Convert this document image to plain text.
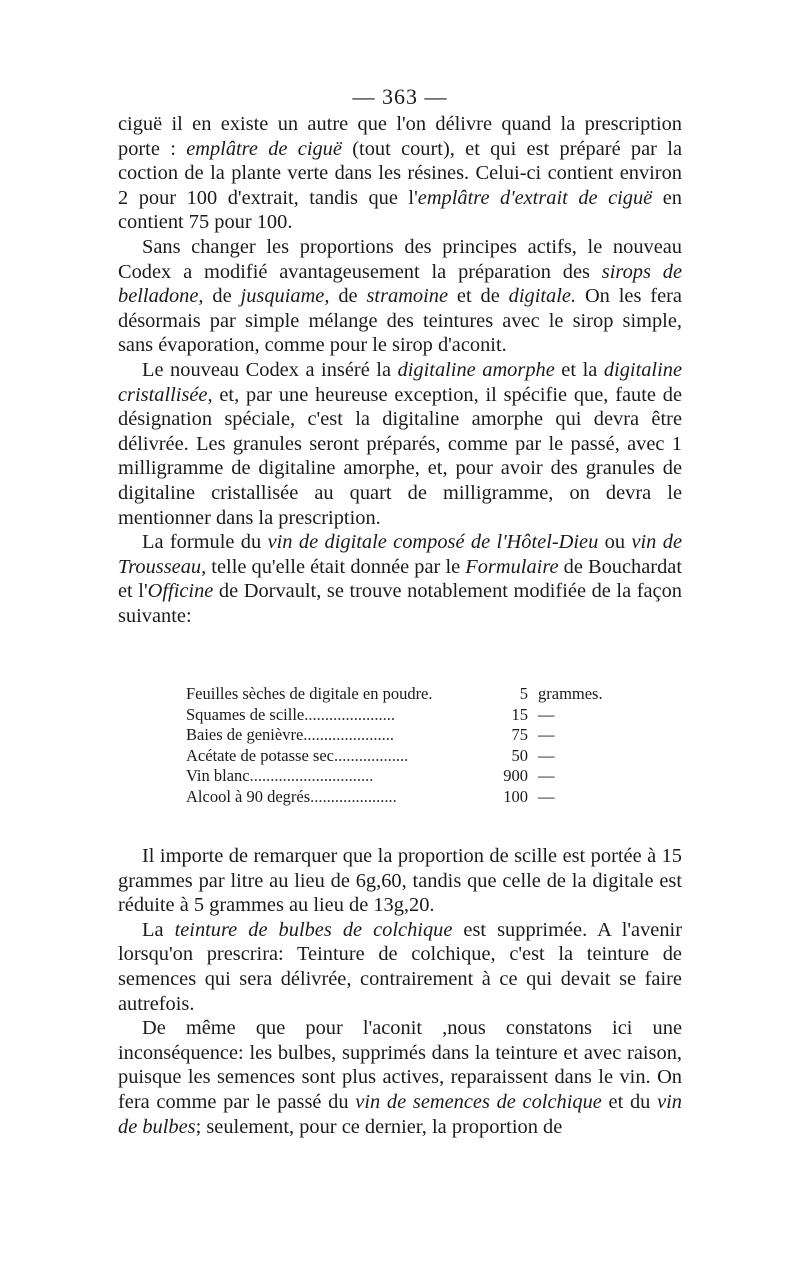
— 363 —

ciguë il en existe un autre que l'on délivre quand la prescription porte : emplâtre de ciguë (tout court), et qui est préparé par la coction de la plante verte dans les résines. Celui-ci contient environ 2 pour 100 d'extrait, tandis que l'emplâtre d'extrait de ciguë en contient 75 pour 100.

Sans changer les proportions des principes actifs, le nouveau Codex a modifié avantageusement la préparation des sirops de belladone, de jusquiame, de stramoine et de digitale. On les fera désormais par simple mélange des teintures avec le sirop simple, sans évaporation, comme pour le sirop d'aconit.

Le nouveau Codex a inséré la digitaline amorphe et la digitaline cristallisée, et, par une heureuse exception, il spécifie que, faute de désignation spéciale, c'est la digitaline amorphe qui devra être délivrée. Les granules seront préparés, comme par le passé, avec 1 milligramme de digitaline amorphe, et, pour avoir des granules de digitaline cristallisée au quart de milligramme, on devra le mentionner dans la prescription.

La formule du vin de digitale composé de l'Hôtel-Dieu ou vin de Trousseau, telle qu'elle était donnée par le Formulaire de Bouchardat et l'Officine de Dorvault, se trouve notablement modifiée de la façon suivante:

Feuilles sèches de digitale en poudre.	5 grammes.
Squames de scille......................	15 —
Baies de genièvre......................	75 —
Acétate de potasse sec..................	50 —
Vin blanc..............................	900 —
Alcool à 90 degrés.....................	100 —

Il importe de remarquer que la proportion de scille est portée à 15 grammes par litre au lieu de 6g,60, tandis que celle de la digitale est réduite à 5 grammes au lieu de 13g,20.

La teinture de bulbes de colchique est supprimée. A l'avenir lorsqu'on prescrira: Teinture de colchique, c'est la teinture de semences qui sera délivrée, contrairement à ce qui devait se faire autrefois.

De même que pour l'aconit ,nous constatons ici une inconséquence: les bulbes, supprimés dans la teinture et avec raison, puisque les semences sont plus actives, reparaissent dans le vin. On fera comme par le passé du vin de semences de colchique et du vin de bulbes; seulement, pour ce dernier, la proportion de
